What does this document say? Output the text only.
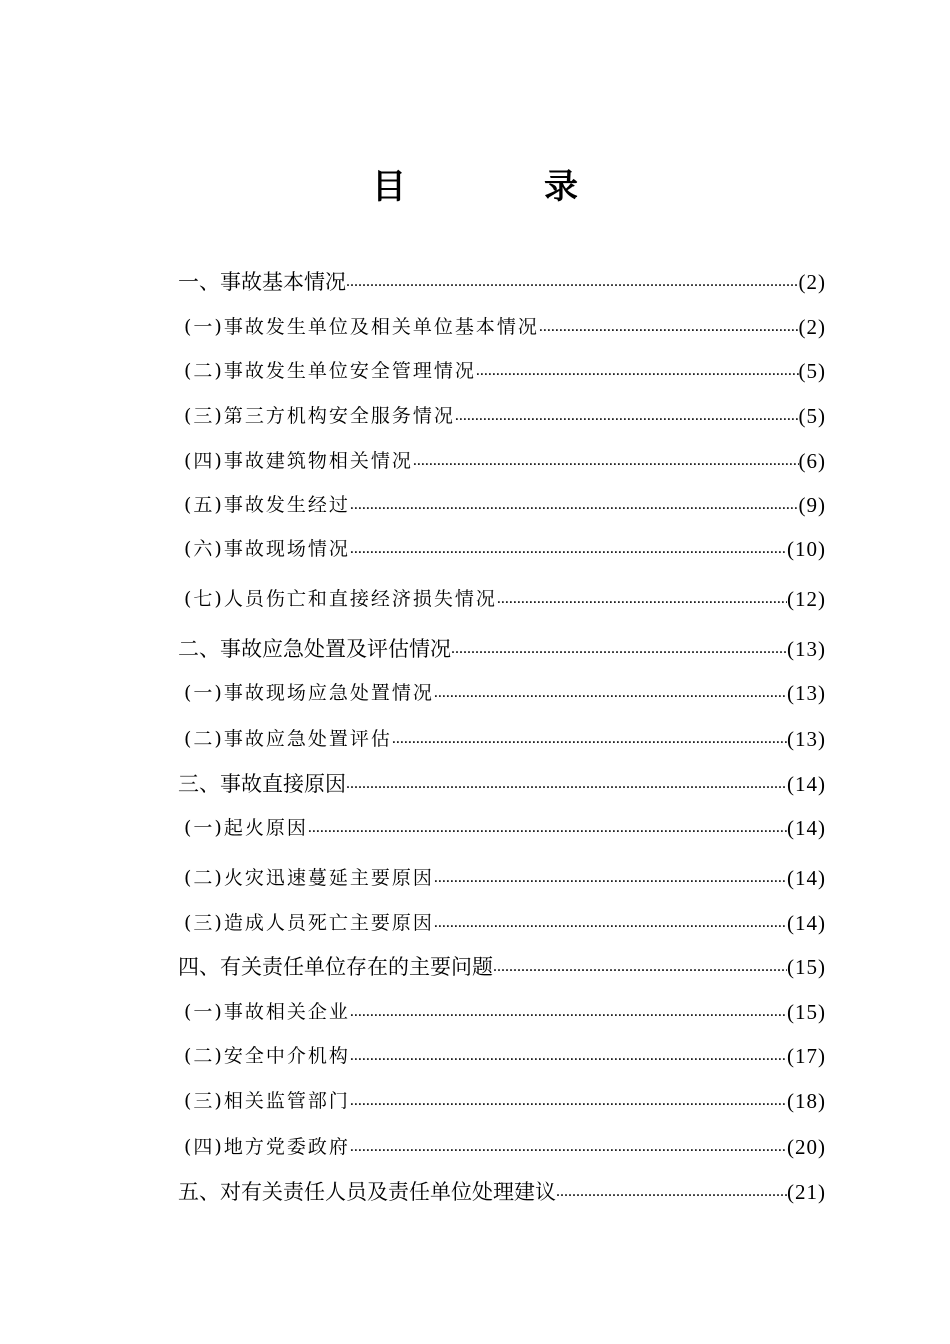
目　录
一、事故基本情况 .....	(2)
(一)事故发生单位及相关单位基本情况 .....	(2)
(二)事故发生单位安全管理情况 .....	(5)
(三)第三方机构安全服务情况 .....	(5)
(四)事故建筑物相关情况 .....	(6)
(五)事故发生经过 .....	(9)
(六)事故现场情况 .....	(10)
(七)人员伤亡和直接经济损失情况 .....	(12)
二、事故应急处置及评估情况 .....	(13)
(一)事故现场应急处置情况 .....	(13)
(二)事故应急处置评估 .....	(13)
三、事故直接原因 .....	(14)
(一)起火原因 .....	(14)
(二)火灾迅速蔓延主要原因 .....	(14)
(三)造成人员死亡主要原因 .....	(14)
四、有关责任单位存在的主要问题 .....	(15)
(一)事故相关企业 .....	(15)
(二)安全中介机构 .....	(17)
(三)相关监管部门 .....	(18)
(四)地方党委政府 .....	(20)
五、对有关责任人员及责任单位处理建议 .....	(21)
